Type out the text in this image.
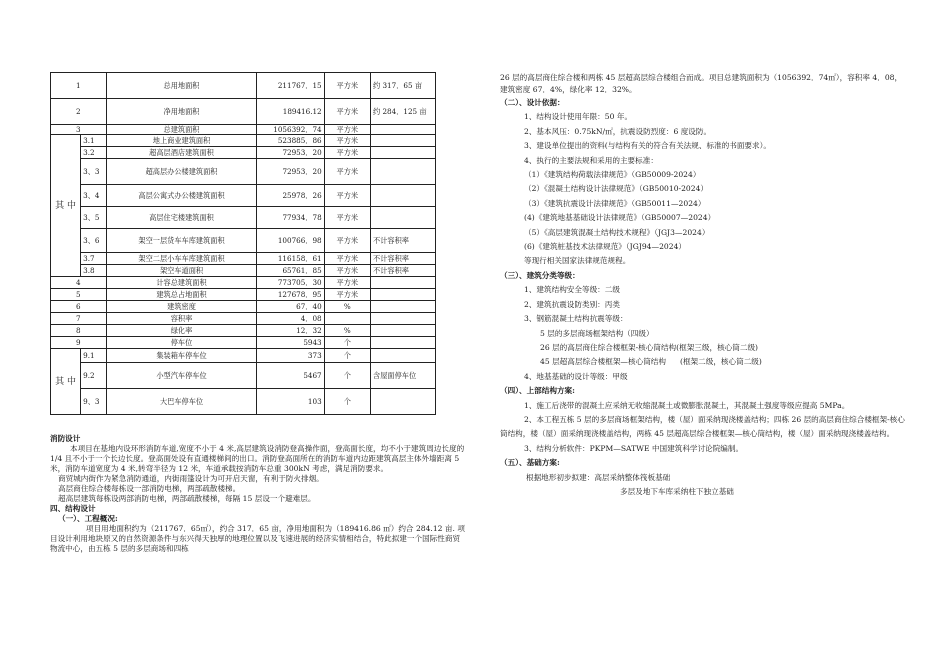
1		总用地面积	211767．15	平方米	约 317．65 亩
2		净用地面积	189416.12	平方米	约 284．125 亩
3		总建筑面积	1056392．74	平方米	
其 中	3.1	地上商业建筑面积	523885．86	平方米	
	3.2	超高层酒店建筑面积	72953．20	平方米	
	3、3	超高层办公楼建筑面积	72953．20	平方米	
	3、4	高层公寓式办公楼建筑面积	25978．26	平方米	
	3、5	高层住宅楼建筑面积	77934．78	平方米	
	3、6	架空一层货车车库建筑面积	100766．98	平方米	不计容积率
	3.7	架空二层小车车库建筑面积	116158．61	平方米	不计容积率
	3.8	架空车道面积	65761．85	平方米	不计容积率
4		计容总建筑面积	773705．30	平方米	
5		建筑总占地面积	127678．95	平方米	
6		建筑密度	67．40	%	
7		容积率	4．08		
8		绿化率	12．32	%	
9		停车位	5943	个	
其 中	9.1	集装箱车停车位	373	个	
	9.2	小型汽车停车位	5467	个	含屋面停车位
	9、3	大巴车停车位	103	个	

消防设计

本项目在基地内设环形消防车道,宽度不小于 4 米,高层建筑设消防登高操作面，登高面长度，均不小于建筑周边长度的 1/4 且不小于一个长边长度。登高面处设有直通楼梯间的出口。消防登高面所在的消防车道内边距建筑高层主体外墙距离 5 米，消防车道宽度为 4 米,转弯半径为 12 米，车道承载按消防车总重 300kN 考虑，满足消防要求。

商贸城内街作为紧急消防通道，内街雨篷设计为可开启天窗，有利于防火排烟。

高层商住综合楼每栋设一部消防电梯，两部疏散楼梯。

超高层建筑每栋设两部消防电梯，两部疏散楼梯，每隔 15 层设一个避难层。

四、结构设计

（一）、工程概况:

项目用地面积约为（211767．65㎡），约合 317．65 亩，净用地面积为（189416.86 ㎡）约合 284.12 亩. 项目设计利用地块原又的自然资源条件与东兴得天独厚的地理位置以及飞速进展的经济实情相结合，特此拟建一个国际性商贸物流中心，由五栋 5 层的多层商场和四栋

26 层的高层商住综合楼和两栋 45 层超高层综合楼组合而成。项目总建筑面积为（1056392．74㎡），容积率 4．08，建筑密度 67．4%，绿化率 12．32%。

（二）、设计依据：

1、结构设计使用年限：50 年。

2、基本风压：0.75kN/㎡，抗震设防烈度：6 度设防。

3、建设单位提出的资料(与结构有关的符合有关法规、标准的书面要求）。

4、执行的主要法规和采用的主要标准：

（1）《建筑结构荷载法律规范》（GB50009-2024）

（2）《混凝土结构设计法律规范》（GB50010-2024）

（3）《建筑抗震设计法律规范》（GB50011—2024）

(4)《建筑地基基础设计法律规范》（GB50007—2024）

（5）《高层建筑混凝土结构技术规程》（JGJ3—2024）

(6)《建筑桩基技术法律规范》（JGJ94—2024）

等现行相关国家法律规范规程。

（三）、建筑分类等级：

1、建筑结构安全等级：二级

2、建筑抗震设防类别：丙类

3、钢筋混凝土结构抗震等级：

5 层的多层商场框架结构（四级）

26 层的高层商住综合楼框架-核心筒结构(框架三级，核心筒二级)

45 层超高层综合楼框架—核心筒结构 (框架二级，核心筒二级)

4、地基基础的设计等级：甲级

（四）、上部结构方案:

1、施工后浇带的混凝土应采纳无收缩混凝土或微膨胀混凝土，其混凝土强度等级应提高 5MPa。

2、本工程五栋 5 层的多层商场框架结构，楼（屋）面采纳现浇楼盖结构；四栋 26 层的高层商住综合楼框架-核心筒结构，楼（屋）面采纳现浇楼盖结构，两栋 45 层超高层综合楼框架—核心筒结构，楼（屋）面采纳现浇楼盖结构。

3、结构分析软件：PKPM—SATWE 中国建筑科学讨论院编制。

（五）、基础方案:

根据地形初步拟建：高层采纳整体筏板基础

多层及地下车库采纳柱下独立基础
